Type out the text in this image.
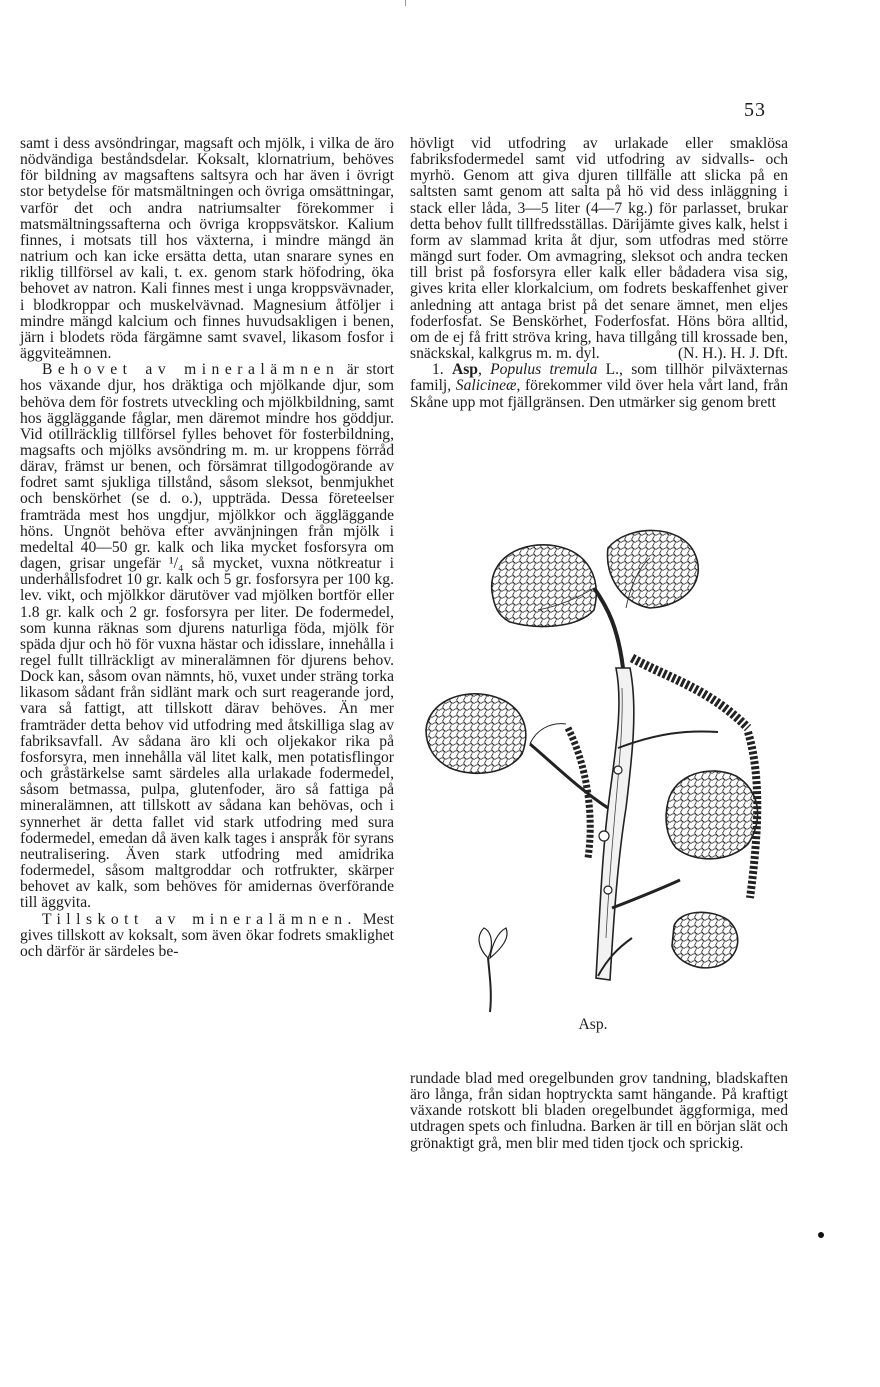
53

samt i dess avsöndringar, magsaft och mjölk, i vilka de äro nödvändiga beståndsdelar. Koksalt, klornatrium, behöves för bildning av magsaftens saltsyra och har även i övrigt stor betydelse för matsmältningen och övriga omsättningar, varför det och andra natriumsalter förekommer i matsmältningssafterna och övriga kroppsvätskor. Kalium finnes, i motsats till hos växterna, i mindre mängd än natrium och kan icke ersätta detta, utan snarare synes en riklig tillförsel av kali, t. ex. genom stark höfodring, öka behovet av natron. Kali finnes mest i unga kroppsvävnader, i blodkroppar och muskelvävnad. Magnesium åtföljer i mindre mängd kalcium och finnes huvudsakligen i benen, järn i blodets röda färgämne samt svavel, likasom fosfor i äggviteämnen.

Behovet av mineralämnen är stort hos växande djur, hos dräktiga och mjölkande djur, som behöva dem för fostrets utveckling och mjölkbildning, samt hos äggläggande fåglar, men däremot mindre hos göddjur. Vid otillräcklig tillförsel fylles behovet för fosterbildning, magsafts och mjölks avsöndring m. m. ur kroppens förråd därav, främst ur benen, och försämrat tillgodogörande av fodret samt sjukliga tillstånd, såsom sleksot, benmjukhet och benskörhet (se d. o.), uppträda. Dessa företeelser framträda mest hos ungdjur, mjölkkor och äggläggande höns. Ungnöt behöva efter avvänjningen från mjölk i medeltal 40—50 gr. kalk och lika mycket fosforsyra om dagen, grisar ungefär ¹/₄ så mycket, vuxna nötkreatur i underhållsfodret 10 gr. kalk och 5 gr. fosforsyra per 100 kg. lev. vikt, och mjölkkor därutöver vad mjölken bortför eller 1.8 gr. kalk och 2 gr. fosforsyra per liter. De fodermedel, som kunna räknas som djurens naturliga föda, mjölk för späda djur och hö för vuxna hästar och idisslare, innehålla i regel fullt tillräckligt av mineralämnen för djurens behov. Dock kan, såsom ovan nämnts, hö, vuxet under sträng torka likasom sådant från sidlänt mark och surt reagerande jord, vara så fattigt, att tillskott därav behöves. Än mer framträder detta behov vid utfodring med åtskilliga slag av fabriksavfall. Av sådana äro kli och oljekakor rika på fosforsyra, men innehålla väl litet kalk, men potatisflingor och gråstärkelse samt särdeles alla urlakade fodermedel, såsom betmassa, pulpa, glutenfoder, äro så fattiga på mineralämnen, att tillskott av sådana kan behövas, och i synnerhet är detta fallet vid stark utfodring med sura fodermedel, emedan då även kalk tages i anspråk för syrans neutralisering. Även stark utfodring med amidrika fodermedel, såsom maltgroddar och rotfrukter, skärper behovet av kalk, som behöves för amidernas överförande till äggvita.

Tillskott av mineralämnen. Mest gives tillskott av koksalt, som även ökar fodrets smaklighet och därför är särdeles be-

hövligt vid utfodring av urlakade eller smaklösa fabriksfodermedel samt vid utfodring av sidvalls- och myrhö. Genom att giva djuren tillfälle att slicka på en saltsten samt genom att salta på hö vid dess inläggning i stack eller låda, 3—5 liter (4—7 kg.) för parlasset, brukar detta behov fullt tillfredsställas. Därijämte gives kalk, helst i form av slammad krita åt djur, som utfodras med större mängd surt foder. Om avmagring, sleksot och andra tecken till brist på fosforsyra eller kalk eller bådadera visa sig, gives krita eller klorkalcium, om fodrets beskaffenhet giver anledning att antaga brist på det senare ämnet, men eljes foderfosfat. Se Benskörhet, Foderfosfat. Höns böra alltid, om de ej få fritt ströva kring, hava tillgång till krossade ben, snäckskal, kalkgrus m. m. dyl.	(N. H.). H. J. Dft.

1. Asp, Populus tremula L., som tillhör pilväxternas familj, Salicineæ, förekommer vild över hela vårt land, från Skåne upp mot fjällgränsen. Den utmärker sig genom brett

Asp.

rundade blad med oregelbunden grov tandning, bladskaften äro långa, från sidan hoptryckta samt hängande. På kraftigt växande rotskott bli bladen oregelbundet äggformiga, med utdragen spets och finludna. Barken är till en början slät och grönaktigt grå, men blir med tiden tjock och sprickig.
